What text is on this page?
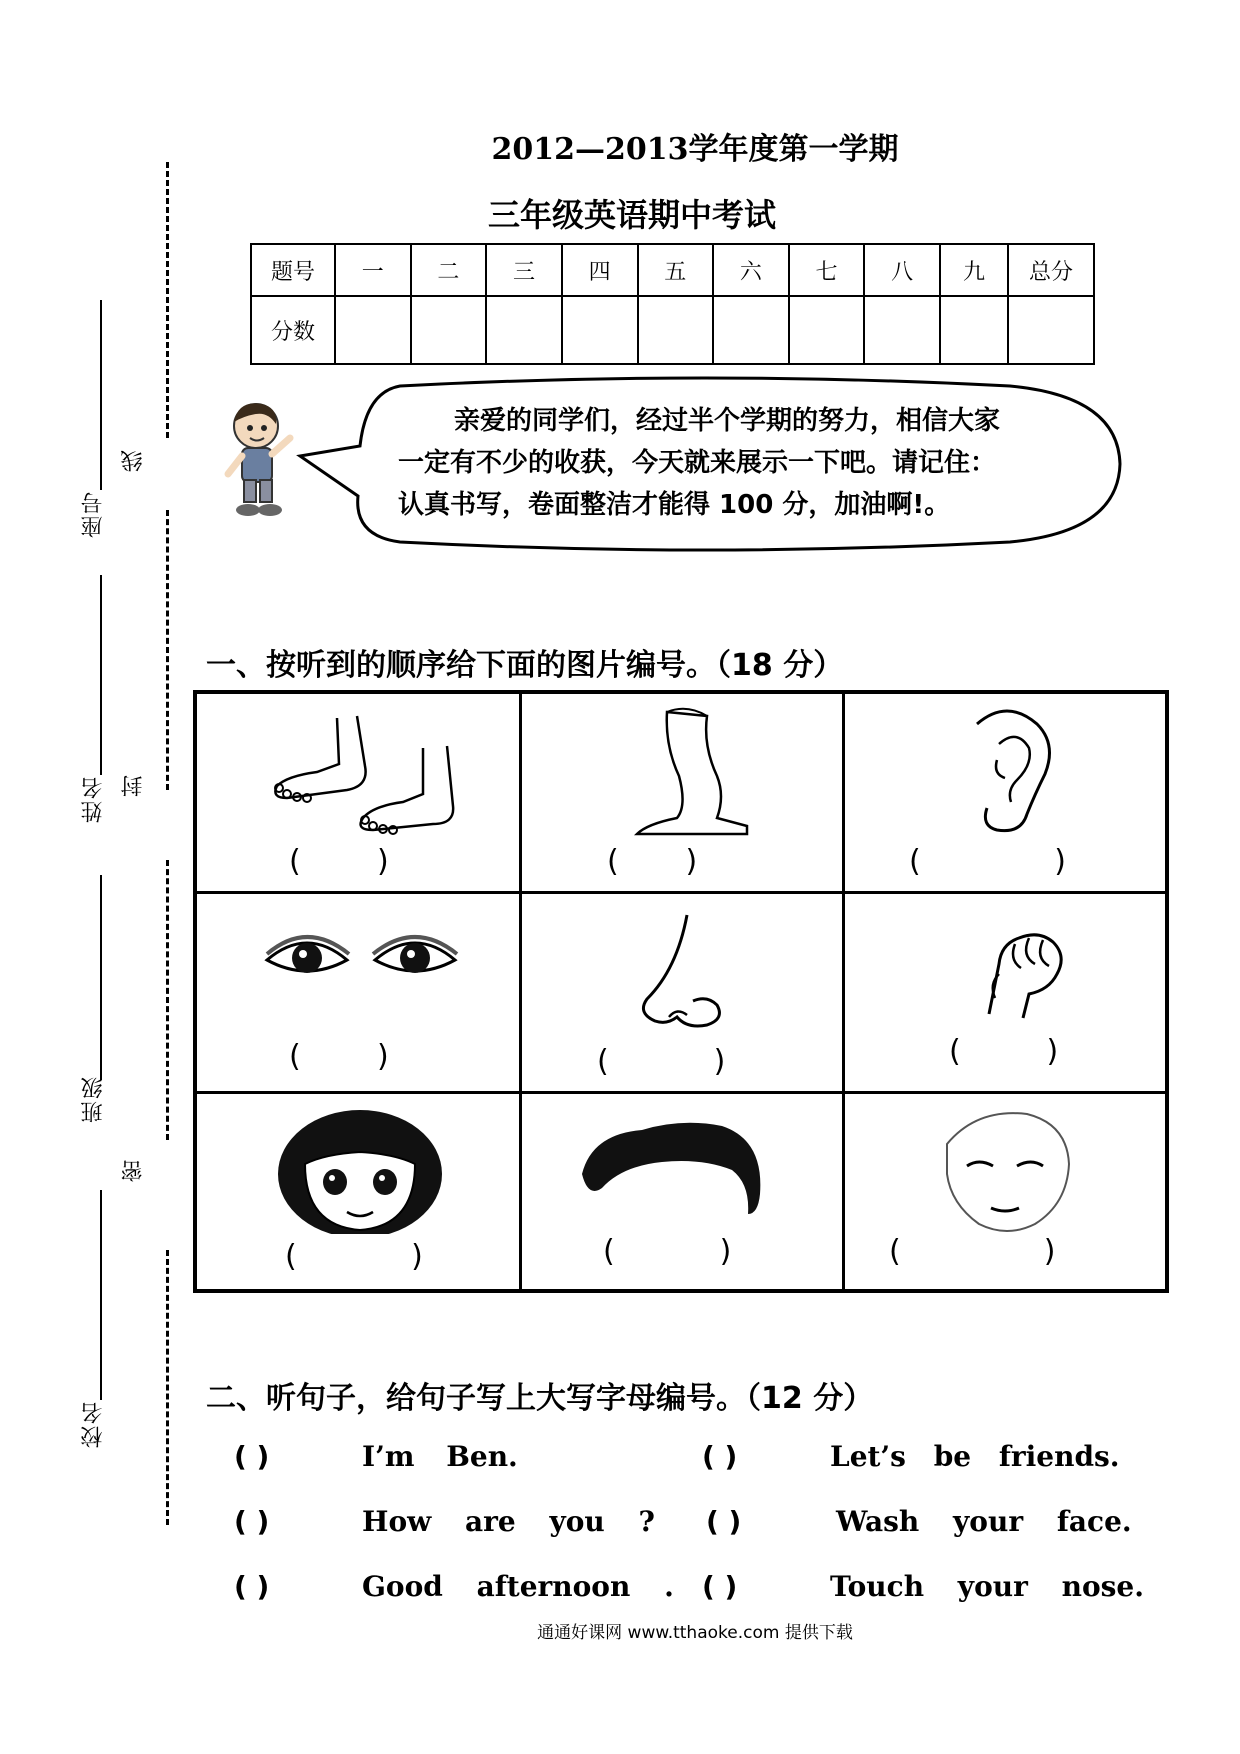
座号
姓名
班级
校名
线
封
密
2012—2013学年度第一学期
三年级英语期中考试
题号	一	二	三	四	五	六	七	八	九	总分
分数										
亲爱的同学们，经过半个学期的努力，相信大家
一定有不少的收获，今天就来展示一下吧。请记住：
认真书写，卷面整洁才能得 100 分，加油啊!。
一、按听到的顺序给下面的图片编号。（18 分）
(        )	(       )	(              )
(        )	(           )	(         )
(            )	(           )	(               )
二、听句子，给句子写上大写字母编号。（12 分）
( )	I’m Ben.	( )	Let’s be friends.
( )	How are you ? ( )	Wash your face.
( )	Good afternoon . ( )	Touch your nose.
通通好课网 www.tthaoke.com 提供下载
